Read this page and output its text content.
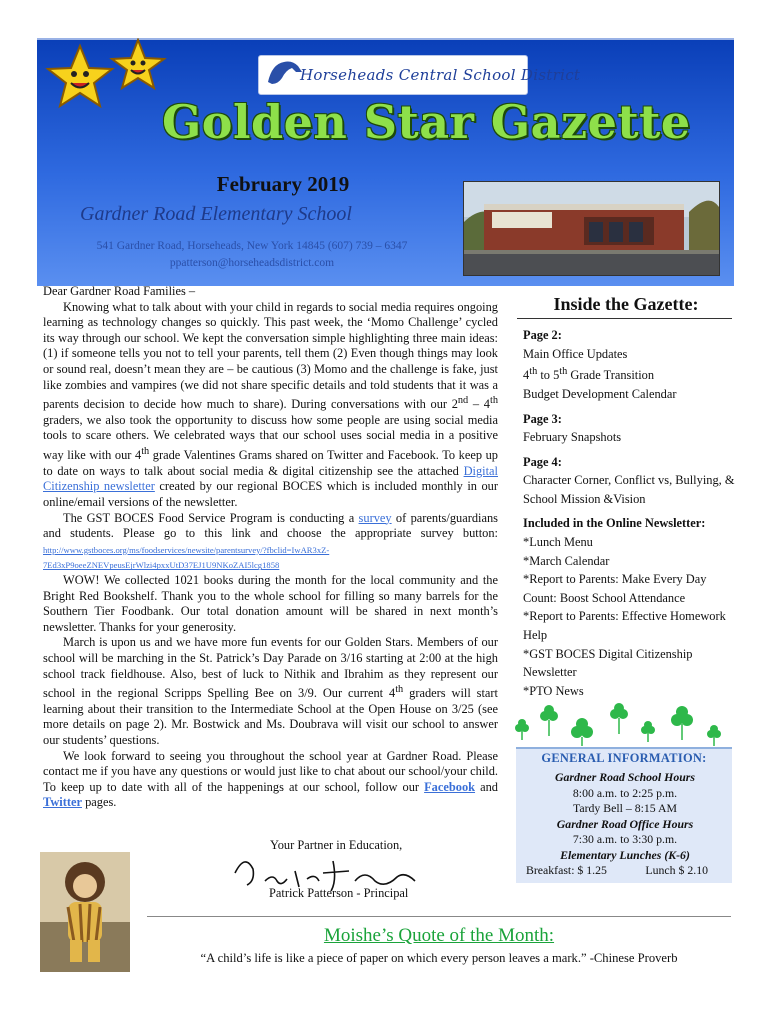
Horseheads Central School District
Golden Star Gazette
February 2019
Gardner Road Elementary School
541 Gardner Road, Horseheads, New York 14845 (607) 739 – 6347
ppatterson@horseheadsdistrict.com

Dear Gardner Road Families –

Knowing what to talk about with your child in regards to social media requires ongoing learning as technology changes so quickly. This past week, the ‘Momo Challenge’ cycled its way through our school. We kept the conversation simple highlighting three main ideas: (1) if someone tells you not to tell your parents, tell them (2) Even though things may look or sound real, doesn’t mean they are – be cautious (3) Momo and the challenge is fake, just like zombies and vampires (we did not share specific details and told students that it was a parents decision to decide how much to share). During conversations with our 2nd – 4th graders, we also took the opportunity to discuss how some people are using social media tools to scare others. We celebrated ways that our school uses social media in a positive way like with our 4th grade Valentines Grams shared on Twitter and Facebook. To keep up to date on ways to talk about social media & digital citizenship see the attached Digital Citizenship newsletter created by our regional BOCES which is included monthly in our online/email versions of the newsletter.

The GST BOCES Food Service Program is conducting a survey of parents/guardians and students. Please go to this link and choose the appropriate survey button: http://www.gstboces.org/ms/foodservices/newsite/parentsurvey/?fbclid=IwAR3xZ-7Ed3xP9oeeZNEVpeusEjrWlzi4pxxUtD37EJ1U9NKoZAI5lcg1858

WOW! We collected 1021 books during the month for the local community and the Bright Red Bookshelf. Thank you to the whole school for filling so many barrels for the Southern Tier Foodbank. Our total donation amount will be shared in next month’s newsletter. Thanks for your generosity.

March is upon us and we have more fun events for our Golden Stars. Members of our school will be marching in the St. Patrick’s Day Parade on 3/16 starting at 2:00 at the high school track fieldhouse. Also, best of luck to Nithik and Ibrahim as they represent our school in the regional Scripps Spelling Bee on 3/9. Our current 4th graders will start learning about their transition to the Intermediate School at the Open House on 3/25 (see more details on page 2). Mr. Bostwick and Ms. Doubrava will visit our school to answer our students’ questions.

We look forward to seeing you throughout the school year at Gardner Road. Please contact me if you have any questions or would just like to chat about our school/your child. To keep up to date with all of the happenings at our school, follow our Facebook and Twitter pages.

Your Partner in Education,
Patrick Patterson - Principal
Inside the Gazette:
Page 2:
Main Office Updates
4th to 5th Grade Transition
Budget Development Calendar
Page 3:
February Snapshots
Page 4:
Character Corner, Conflict vs, Bullying, & School Mission &Vision
Included in the Online Newsletter:
*Lunch Menu
*March Calendar
*Report to Parents: Make Every Day Count: Boost School Attendance
*Report to Parents: Effective Homework Help
*GST BOCES Digital Citizenship Newsletter
*PTO News
GENERAL INFORMATION:
Gardner Road School Hours
8:00 a.m. to 2:25 p.m.
Tardy Bell – 8:15 AM
Gardner Road Office Hours
7:30 a.m. to 3:30 p.m.
Elementary Lunches (K-6)
Breakfast: $ 1.25	Lunch $ 2.10
Moishe’s Quote of the Month:
“A child’s life is like a piece of paper on which every person leaves a mark.” -Chinese Proverb
